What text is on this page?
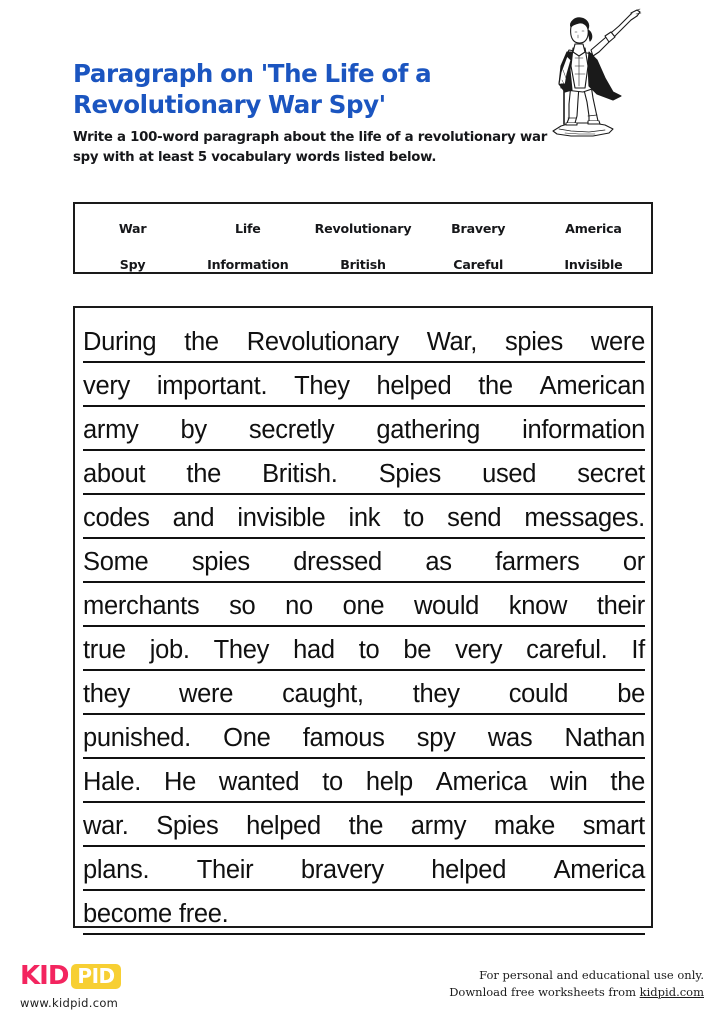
Paragraph on 'The Life of a Revolutionary War Spy'

Write a 100-word paragraph about the life of a revolutionary war spy with at least 5 vocabulary words listed below.

War	Life	Revolutionary	Bravery	America
Spy	Information	British	Careful	Invisible
During the Revolutionary War, spies were
very important. They helped the American
army by secretly gathering information
about the British. Spies used secret
codes and invisible ink to send messages.
Some spies dressed as farmers or
merchants so no one would know their
true job. They had to be very careful. If
they were caught, they could be
punished. One famous spy was Nathan
Hale. He wanted to help America win the
war. Spies helped the army make smart
plans. Their bravery helped America
become free.
KID PID
www.kidpid.com
For personal and educational use only.
Download free worksheets from kidpid.com
